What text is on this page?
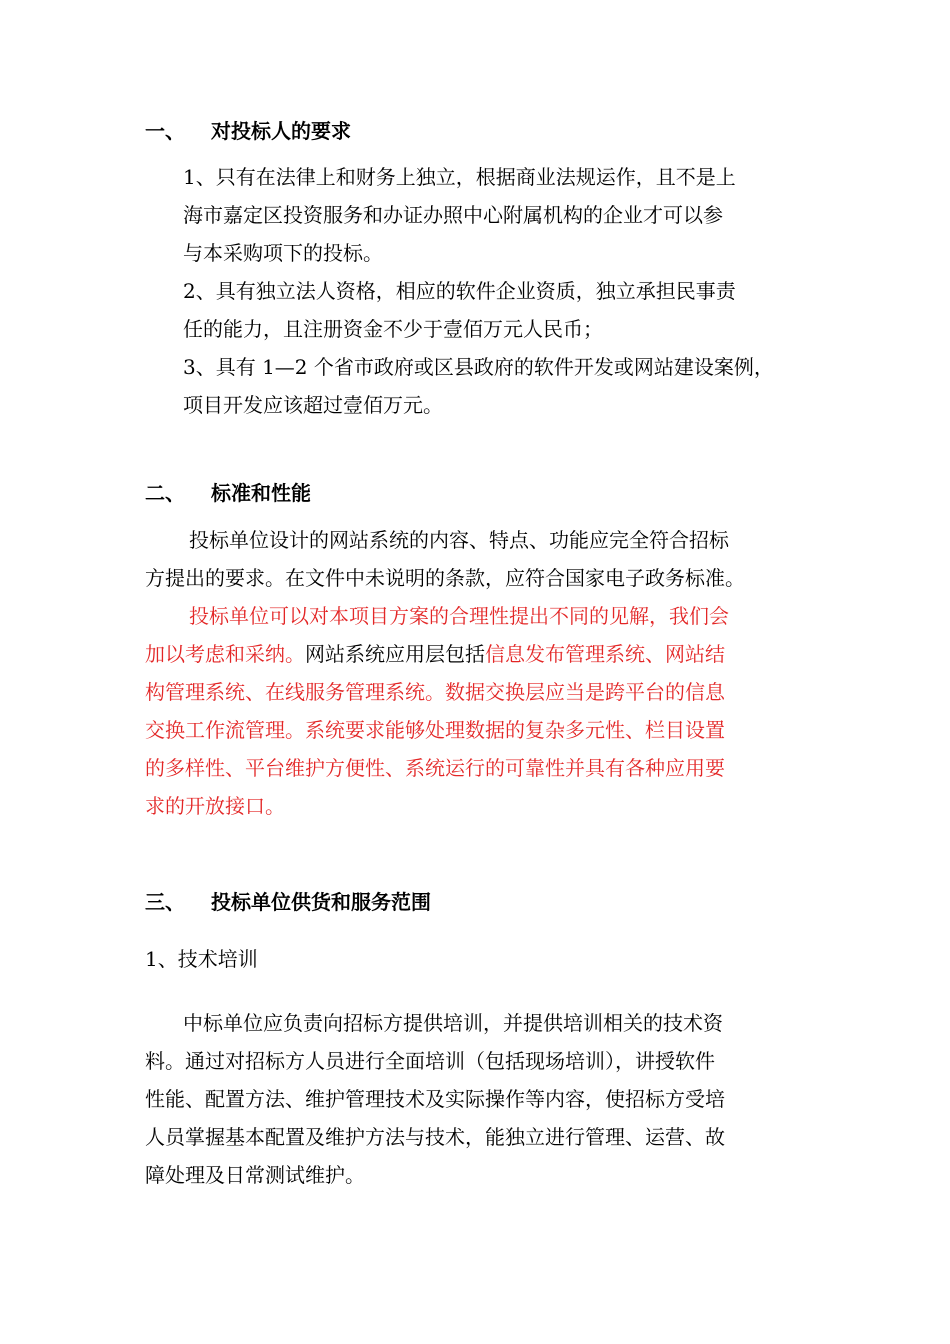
一、 对投标人的要求
1、只有在法律上和财务上独立，根据商业法规运作，且不是上
海市嘉定区投资服务和办证办照中心附属机构的企业才可以参
与本采购项下的投标。
2、具有独立法人资格，相应的软件企业资质，独立承担民事责
任的能力，且注册资金不少于壹佰万元人民币；
3、具有 1—2 个省市政府或区县政府的软件开发或网站建设案例，
项目开发应该超过壹佰万元。
二、 标准和性能
投标单位设计的网站系统的内容、特点、功能应完全符合招标
方提出的要求。在文件中未说明的条款，应符合国家电子政务标准。
投标单位可以对本项目方案的合理性提出不同的见解，我们会
加以考虑和采纳。网站系统应用层包括信息发布管理系统、网站结
构管理系统、在线服务管理系统。数据交换层应当是跨平台的信息
交换工作流管理。系统要求能够处理数据的复杂多元性、栏目设置
的多样性、平台维护方便性、系统运行的可靠性并具有各种应用要
求的开放接口。
三、 投标单位供货和服务范围
1、技术培训
中标单位应负责向招标方提供培训，并提供培训相关的技术资
料。通过对招标方人员进行全面培训（包括现场培训），讲授软件
性能、配置方法、维护管理技术及实际操作等内容，使招标方受培
人员掌握基本配置及维护方法与技术，能独立进行管理、运营、故
障处理及日常测试维护。
